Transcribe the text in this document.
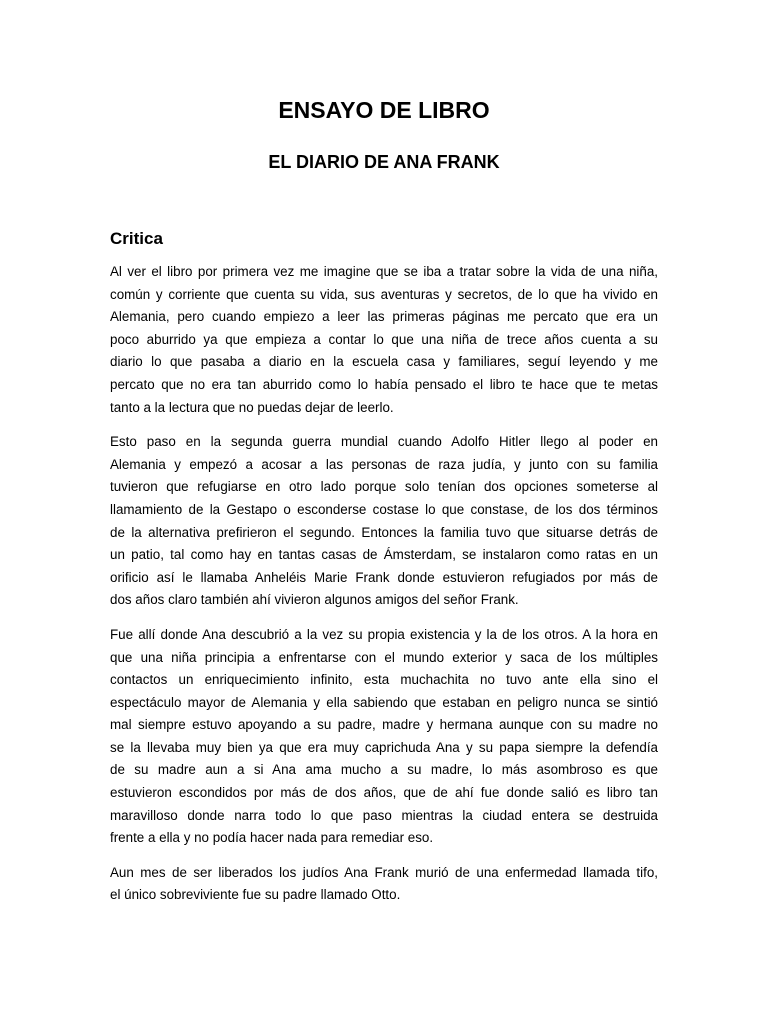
ENSAYO DE LIBRO
EL DIARIO DE ANA FRANK
Critica
Al ver el libro por primera vez me imagine que se iba a tratar sobre la vida de una niña,
común y corriente que cuenta su vida, sus aventuras y secretos, de lo que ha vivido en
Alemania, pero cuando empiezo a leer las primeras páginas me percato que era un
poco aburrido ya que empieza a contar lo que una niña de trece años cuenta a su
diario lo que pasaba a diario en la escuela casa y familiares, seguí leyendo y me
percato que no era tan aburrido como lo había pensado el libro te hace que te metas
tanto a la lectura que no puedas dejar de leerlo.
Esto paso en la segunda guerra mundial cuando Adolfo Hitler llego al poder en
Alemania y empezó a acosar a las personas de raza judía, y junto con su familia
tuvieron que refugiarse en otro lado porque solo tenían dos opciones someterse al
llamamiento de la Gestapo o esconderse costase lo que constase, de los dos términos
de la alternativa prefirieron el segundo. Entonces la familia tuvo que situarse detrás de
un patio, tal como hay en tantas casas de Ámsterdam, se instalaron como ratas en un
orificio así le llamaba Anheléis Marie Frank donde estuvieron refugiados por más de
dos años claro también ahí vivieron algunos amigos del señor Frank.
Fue allí donde Ana descubrió a la vez su propia existencia y la de los otros. A la hora en
que una niña principia a enfrentarse con el mundo exterior y saca de los múltiples
contactos un enriquecimiento infinito, esta muchachita no tuvo ante ella sino el
espectáculo mayor de Alemania y ella sabiendo que estaban en peligro nunca se sintió
mal siempre estuvo apoyando a su padre, madre y hermana aunque con su madre no
se la llevaba muy bien ya que era muy caprichuda Ana y su papa siempre la defendía
de su madre aun a si Ana ama mucho a su madre, lo más asombroso es que
estuvieron escondidos por más de dos años, que de ahí fue donde salió es libro tan
maravilloso donde narra todo lo que paso mientras la ciudad entera se destruida
frente a ella y no podía hacer nada para remediar eso.
Aun mes de ser liberados los judíos Ana Frank murió de una enfermedad llamada tifo,
el único sobreviviente fue su padre llamado Otto.
